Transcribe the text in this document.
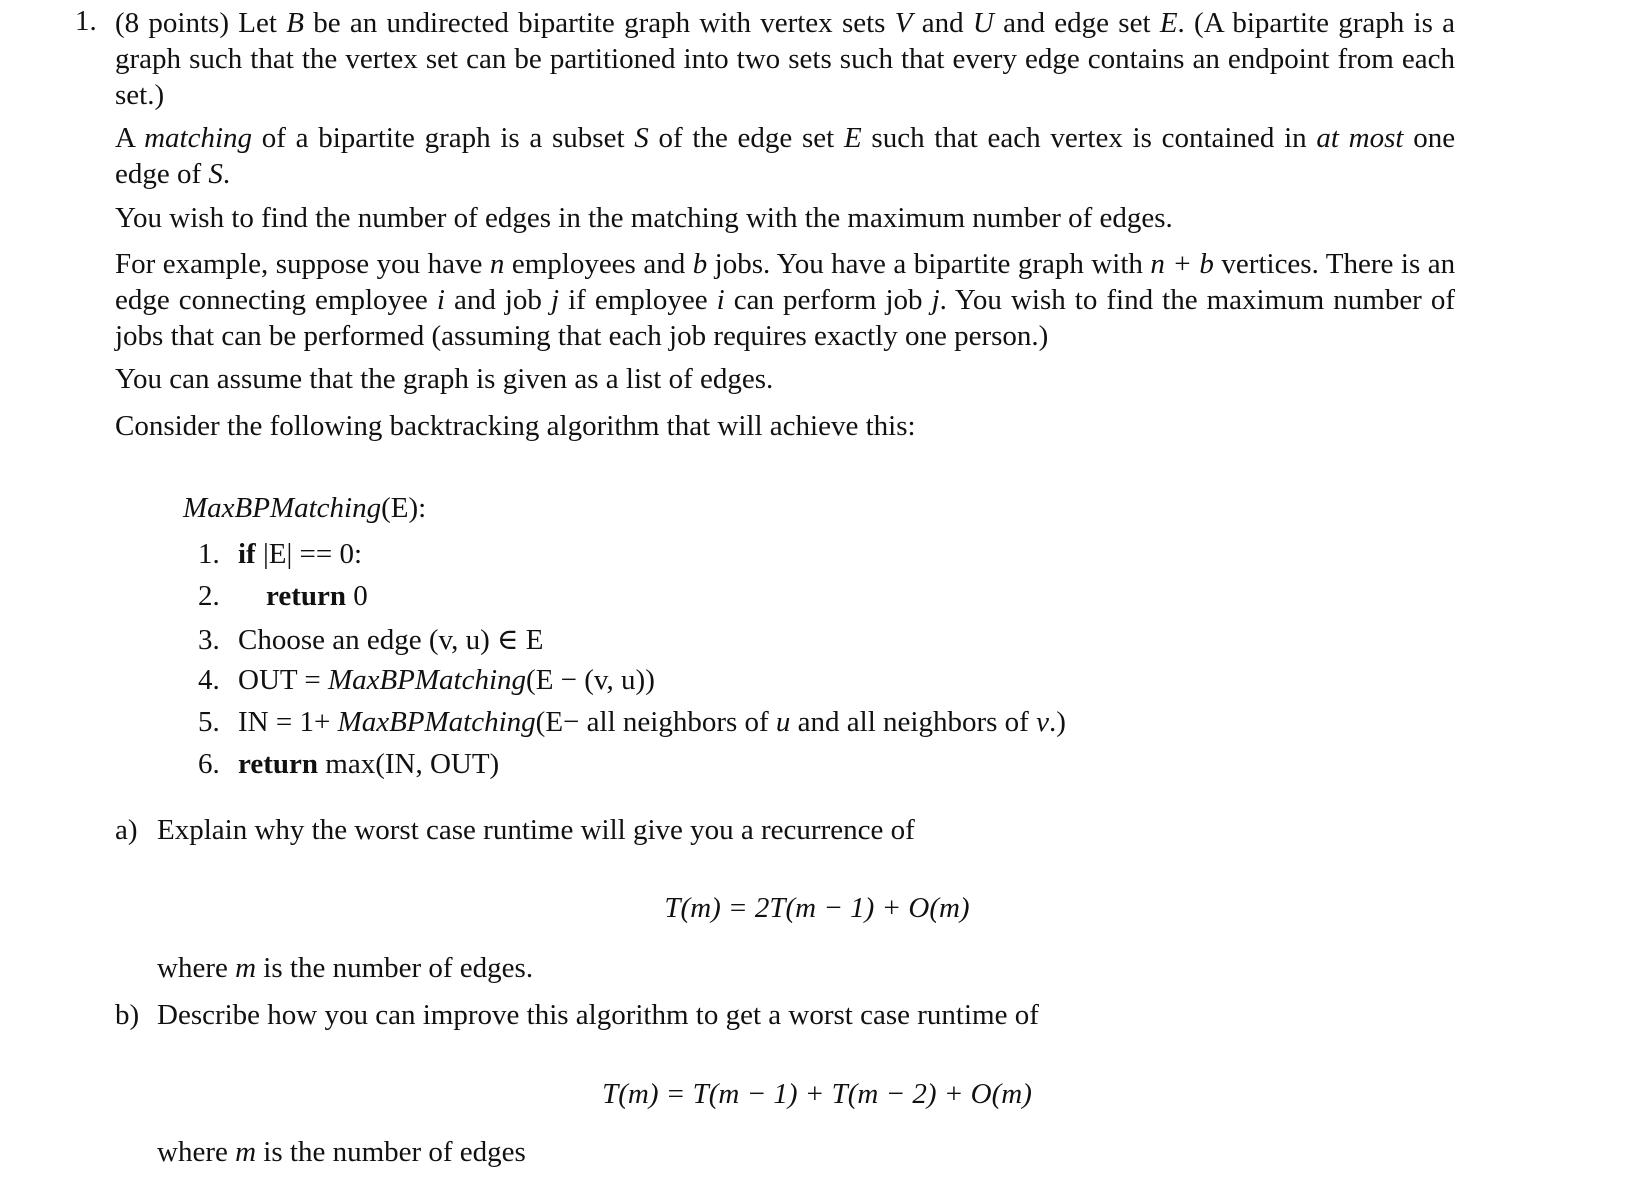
1. (8 points) Let B be an undirected bipartite graph with vertex sets V and U and edge set E. (A bipartite graph is a graph such that the vertex set can be partitioned into two sets such that every edge contains an endpoint from each set.)

A matching of a bipartite graph is a subset S of the edge set E such that each vertex is contained in at most one edge of S.

You wish to find the number of edges in the matching with the maximum number of edges.

For example, suppose you have n employees and b jobs. You have a bipartite graph with n + b vertices. There is an edge connecting employee i and job j if employee i can perform job j. You wish to find the maximum number of jobs that can be performed (assuming that each job requires exactly one person.)

You can assume that the graph is given as a list of edges.

Consider the following backtracking algorithm that will achieve this:

MaxBPMatching(E):
1. if |E| == 0:
2. return 0
3. Choose an edge (v, u) ∈ E
4. OUT = MaxBPMatching(E − (v, u))
5. IN = 1+ MaxBPMatching(E− all neighbors of u and all neighbors of v.)
6. return max(IN, OUT)
a) Explain why the worst case runtime will give you a recurrence of
T(m) = 2T(m − 1) + O(m)
where m is the number of edges.
b) Describe how you can improve this algorithm to get a worst case runtime of
T(m) = T(m − 1) + T(m − 2) + O(m)
where m is the number of edges
